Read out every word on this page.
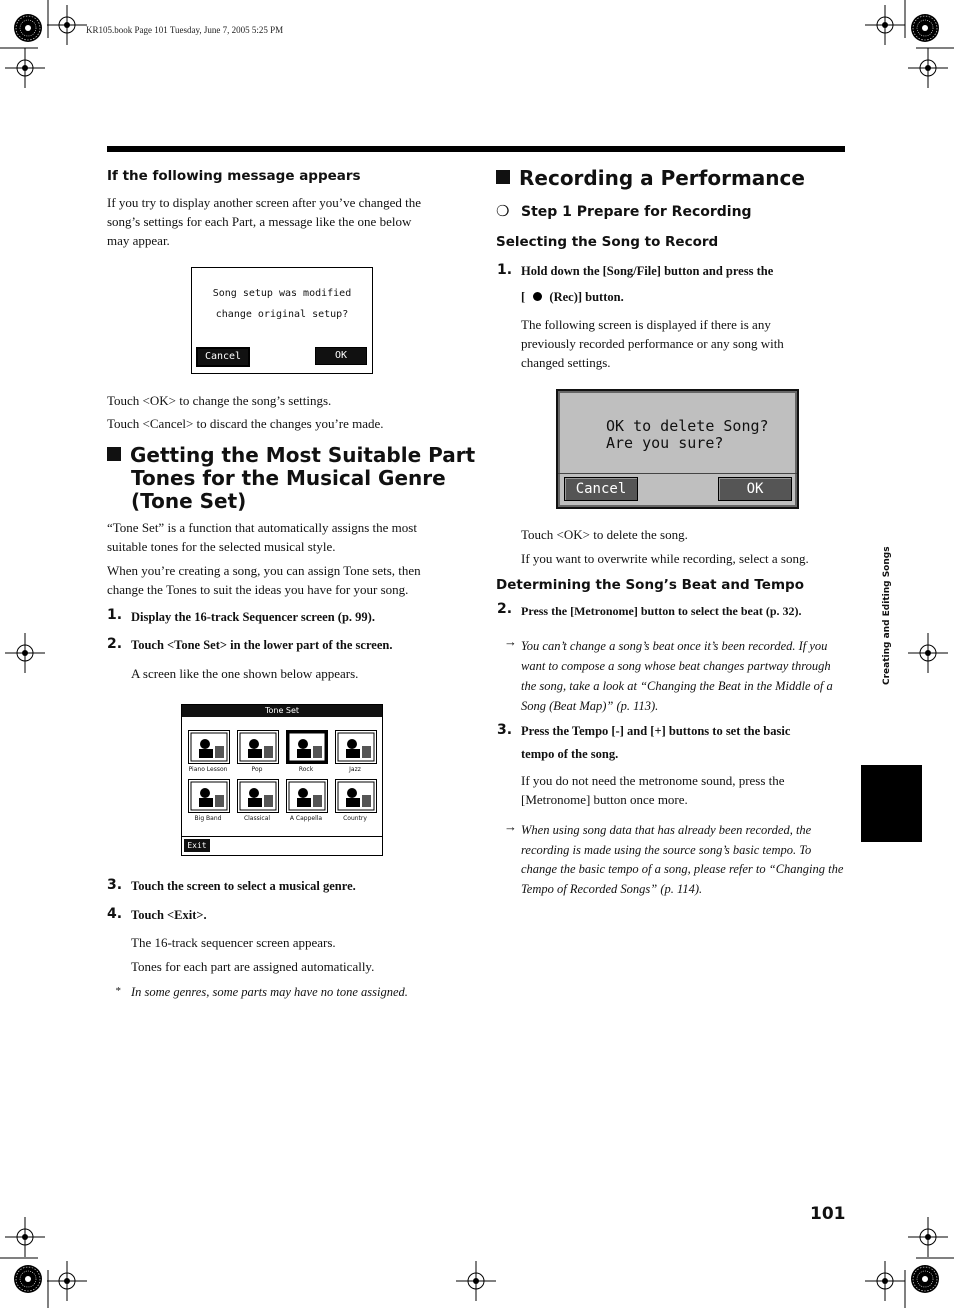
KR105.book Page 101 Tuesday, June 7, 2005 5:25 PM
If the following message appears
If you try to display another screen after you’ve changed the
song’s settings for each Part, a message like the one below
may appear.
Song setup was modified
change original setup?
Cancel	OK
Touch <OK> to change the song’s settings.
Touch <Cancel> to discard the changes you’re made.
Getting the Most Suitable Part
Tones for the Musical Genre
(Tone Set)
“Tone Set” is a function that automatically assigns the most
suitable tones for the selected musical style.
When you’re creating a song, you can assign Tone sets, then
change the Tones to suit the ideas you have for your song.
1. Display the 16-track Sequencer screen (p. 99).
2. Touch <Tone Set> in the lower part of the screen.
A screen like the one shown below appears.
Tone Set
Piano Lesson	Pop	Rock	Jazz
Big Band	Classical	A Cappella	Country
Exit
3. Touch the screen to select a musical genre.
4. Touch <Exit>.
The 16-track sequencer screen appears.
Tones for each part are assigned automatically.
* In some genres, some parts may have no tone assigned.
Recording a Performance
❍ Step 1 Prepare for Recording
Selecting the Song to Record
1. Hold down the [Song/File] button and press the
[ (Rec)] button.
The following screen is displayed if there is any
previously recorded performance or any song with
changed settings.
OK to delete Song?
Are you sure?
Cancel	OK
Touch <OK> to delete the song.
If you want to overwrite while recording, select a song.
Determining the Song’s Beat and Tempo
2. Press the [Metronome] button to select the beat (p. 32).
→ You can’t change a song’s beat once it’s been recorded. If you
want to compose a song whose beat changes partway through
the song, take a look at “Changing the Beat in the Middle of a
Song (Beat Map)” (p. 113).
3. Press the Tempo [-] and [+] buttons to set the basic
tempo of the song.
If you do not need the metronome sound, press the
[Metronome] button once more.
→ When using song data that has already been recorded, the
recording is made using the source song’s basic tempo. To
change the basic tempo of a song, please refer to “Changing the
Tempo of Recorded Songs” (p. 114).
Creating and Editing Songs
101
